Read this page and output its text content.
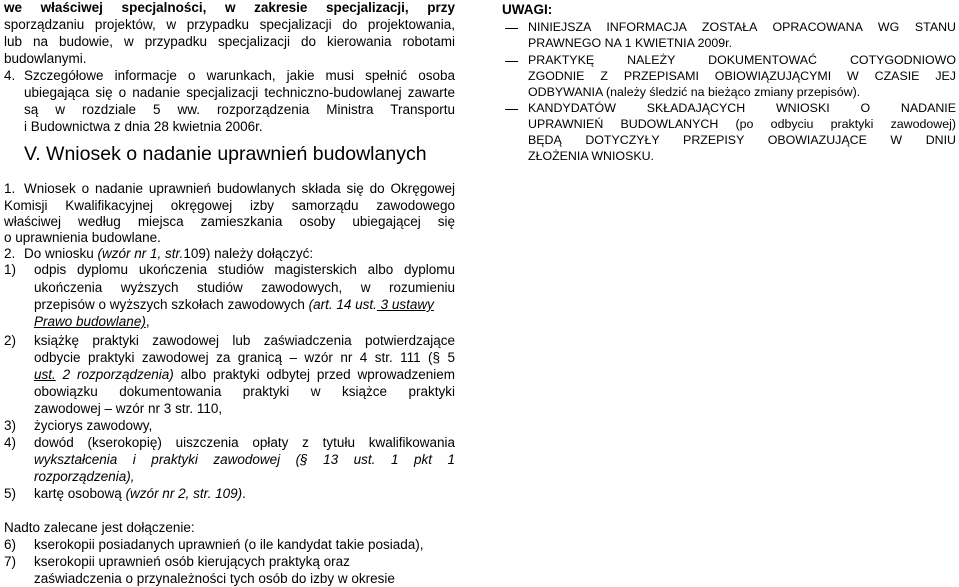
we właściwej specjalności, w zakresie specjalizacji, przy
sporządzaniu projektów, w przypadku specjalizacji do projektowania,
lub na budowie, w przypadku specjalizacji do kierowania robotami
budowlanymi.
4. Szczegółowe informacje o warunkach, jakie musi spełnić osoba
ubiegająca się o nadanie specjalizacji techniczno-budowlanej zawarte
są w rozdziale 5 ww. rozporządzenia Ministra Transportu
i Budownictwa z dnia 28 kwietnia 2006r.
V. Wniosek o nadanie uprawnień budowlanych
1. Wniosek o nadanie uprawnień budowlanych składa się do Okręgowej
Komisji Kwalifikacyjnej okręgowej izby samorządu zawodowego
właściwej według miejsca zamieszkania osoby ubiegającej się
o uprawnienia budowlane.
2. Do wniosku (wzór nr 1, str.109) należy dołączyć:
1) odpis dyplomu ukończenia studiów magisterskich albo dyplomu
ukończenia wyższych studiów zawodowych, w rozumieniu
przepisów o wyższych szkołach zawodowych (art. 14 ust. 3 ustawy
Prawo budowlane),
2) książkę praktyki zawodowej lub zaświadczenia potwierdzające
odbycie praktyki zawodowej za granicą – wzór nr 4 str. 111 (§ 5
ust. 2 rozporządzenia) albo praktyki odbytej przed wprowadzeniem
obowiązku dokumentowania praktyki w książce praktyki
zawodowej – wzór nr 3 str. 110,
3) życiorys zawodowy,
4) dowód (kserokopię) uiszczenia opłaty z tytułu kwalifikowania
wykształcenia i praktyki zawodowej (§ 13 ust. 1 pkt 1
rozporządzenia),
5) kartę osobową (wzór nr 2, str. 109).
Nadto zalecane jest dołączenie:
6) kserokopii posiadanych uprawnień (o ile kandydat takie posiada),
7) kserokopii uprawnień osób kierujących praktyką oraz
zaświadczenia o przynależności tych osób do izby w okresie
UWAGI:
NINIEJSZA INFORMACJA ZOSTAŁA OPRACOWANA WG STANU
PRAWNEGO NA 1 KWIETNIA 2009r.
PRAKTYKĘ NALEŻY DOKUMENTOWAĆ COTYGODNIOWO
ZGODNIE Z PRZEPISAMI OBIOWIĄZUJĄCYMI W CZASIE JEJ
ODBYWANIA (należy śledzić na bieżąco zmiany przepisów).
KANDYDATÓW SKŁADAJĄCYCH WNIOSKI O NADANIE
UPRAWNIEŃ BUDOWLANYCH (po odbyciu praktyki zawodowej)
BĘDĄ DOTYCZYŁY PRZEPISY OBOWIAZUJĄCE W DNIU
ZŁOŻENIA WNIOSKU.
